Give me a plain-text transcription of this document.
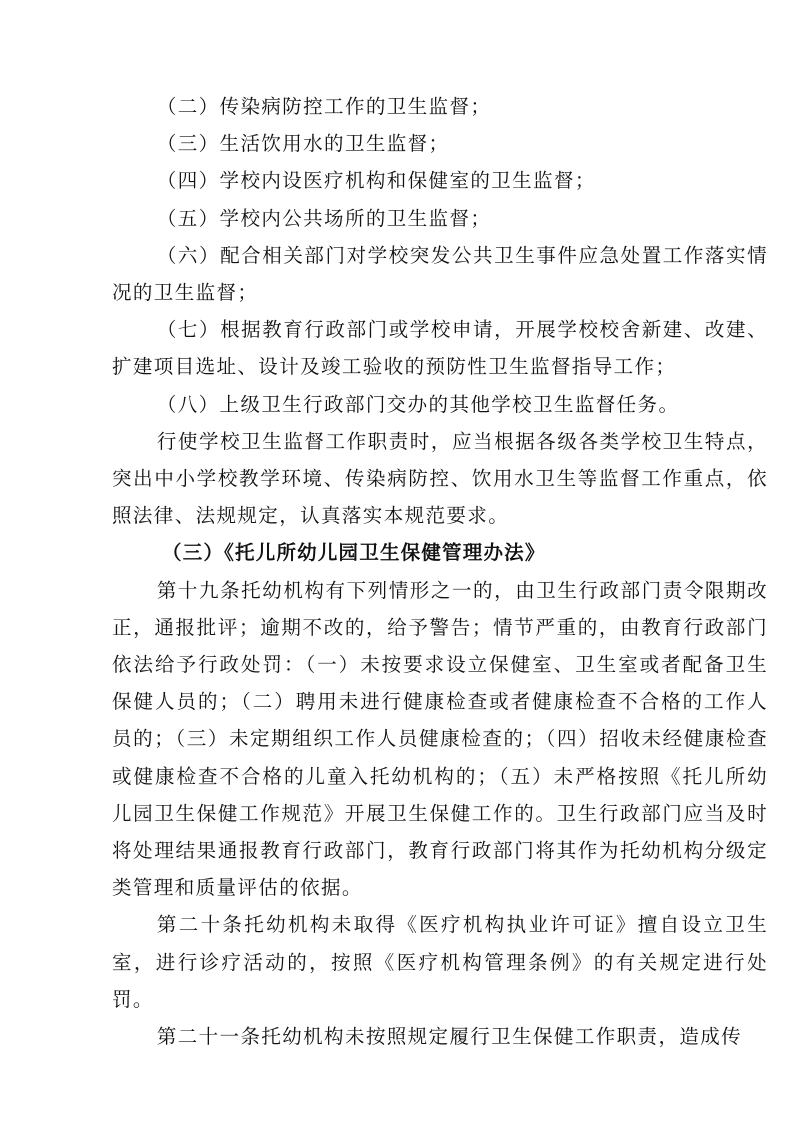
（二）传染病防控工作的卫生监督；

（三）生活饮用水的卫生监督；

（四）学校内设医疗机构和保健室的卫生监督；

（五）学校内公共场所的卫生监督；

（六）配合相关部门对学校突发公共卫生事件应急处置工作落实情况的卫生监督；

（七）根据教育行政部门或学校申请，开展学校校舍新建、改建、扩建项目选址、设计及竣工验收的预防性卫生监督指导工作；

（八）上级卫生行政部门交办的其他学校卫生监督任务。

行使学校卫生监督工作职责时，应当根据各级各类学校卫生特点，突出中小学校教学环境、传染病防控、饮用水卫生等监督工作重点，依照法律、法规规定，认真落实本规范要求。

（三）《托儿所幼儿园卫生保健管理办法》

第十九条托幼机构有下列情形之一的，由卫生行政部门责令限期改正，通报批评；逾期不改的，给予警告；情节严重的，由教育行政部门依法给予行政处罚：（一）未按要求设立保健室、卫生室或者配备卫生保健人员的；（二）聘用未进行健康检查或者健康检查不合格的工作人员的；（三）未定期组织工作人员健康检查的；（四）招收未经健康检查或健康检查不合格的儿童入托幼机构的；（五）未严格按照《托儿所幼儿园卫生保健工作规范》开展卫生保健工作的。卫生行政部门应当及时将处理结果通报教育行政部门，教育行政部门将其作为托幼机构分级定类管理和质量评估的依据。

第二十条托幼机构未取得《医疗机构执业许可证》擅自设立卫生室，进行诊疗活动的，按照《医疗机构管理条例》的有关规定进行处罚。

第二十一条托幼机构未按照规定履行卫生保健工作职责，造成传
